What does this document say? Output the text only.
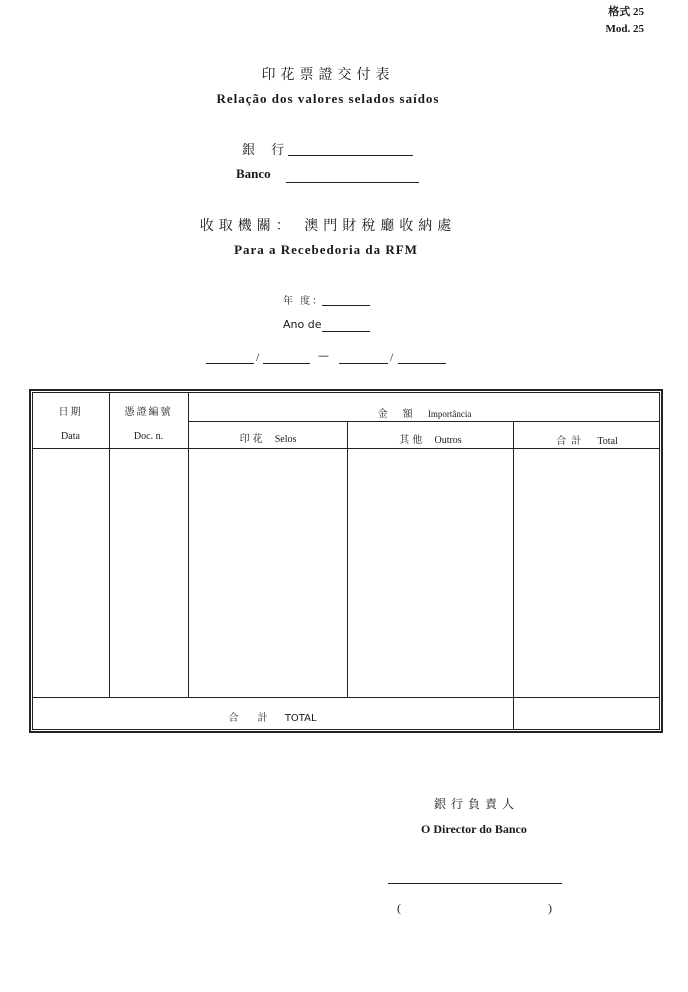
格式 25
Mod. 25
印花票證交付表
Relação dos valores selados saídos
銀 行
Banco
收取機關： 澳門財稅廳收納處
Para a Recebedoria da RFM
年 度：
Ano de
/	—	/
日期
Data
憑證編號
Doc. n.
金 額 Importância
印花 Selos	其他 Outros	合計 Total
合 計 TOTAL
銀行負責人
O Director do Banco
(	)
